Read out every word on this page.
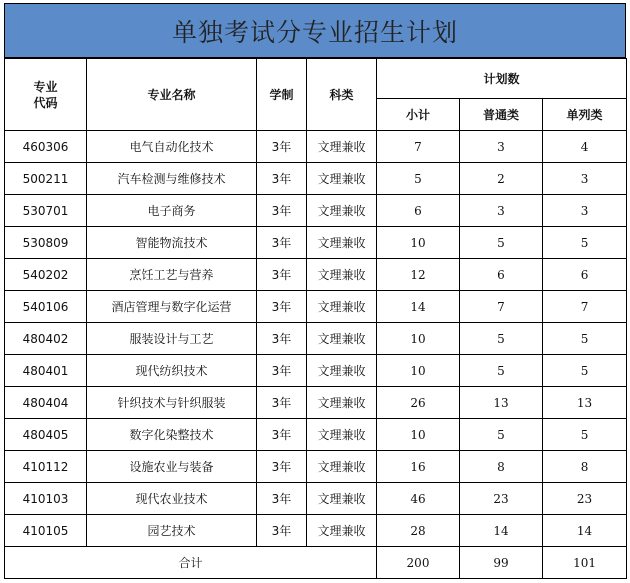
单独考试分专业招生计划
专业
代码	专业名称	学制	科类	计划数		
				小计	普通类	单列类
460306	电气自动化技术	3年	文理兼收	7	3	4
500211	汽车检测与维修技术	3年	文理兼收	5	2	3
530701	电子商务	3年	文理兼收	6	3	3
530809	智能物流技术	3年	文理兼收	10	5	5
540202	烹饪工艺与营养	3年	文理兼收	12	6	6
540106	酒店管理与数字化运营	3年	文理兼收	14	7	7
480402	服装设计与工艺	3年	文理兼收	10	5	5
480401	现代纺织技术	3年	文理兼收	10	5	5
480404	针织技术与针织服装	3年	文理兼收	26	13	13
480405	数字化染整技术	3年	文理兼收	10	5	5
410112	设施农业与装备	3年	文理兼收	16	8	8
410103	现代农业技术	3年	文理兼收	46	23	23
410105	园艺技术	3年	文理兼收	28	14	14
合计				200	99	101
